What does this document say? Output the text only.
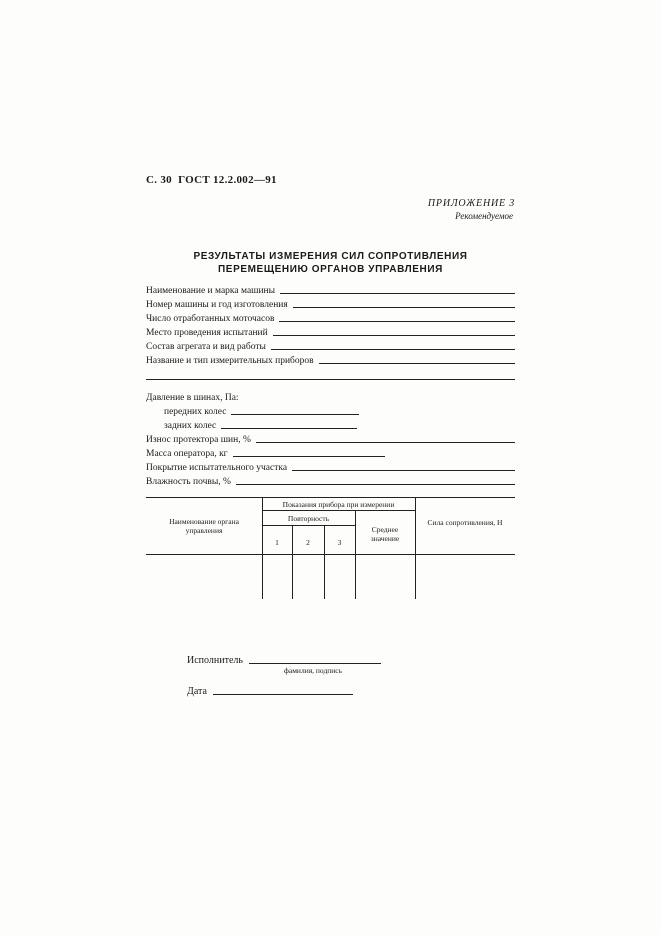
С. 30 ГОСТ 12.2.002—91
ПРИЛОЖЕНИЕ 3
Рекомендуемое
РЕЗУЛЬТАТЫ ИЗМЕРЕНИЯ СИЛ СОПРОТИВЛЕНИЯ
ПЕРЕМЕЩЕНИЮ ОРГАНОВ УПРАВЛЕНИЯ
Наименование и марка машины
Номер машины и год изготовления
Число отработанных моточасов
Место проведения испытаний
Состав агрегата и вид работы
Название и тип измерительных приборов
Давление в шинах, Па:
передних колес
задних колес
Износ протектора шин, %
Масса оператора, кг
Покрытие испытательного участка
Влажность почвы, %
Наименование органа управления
Показания прибора при измерении
Повторность
1	2	3
Среднее значение
Сила сопротивления, Н
Исполнитель
фамилия, подпись
Дата
